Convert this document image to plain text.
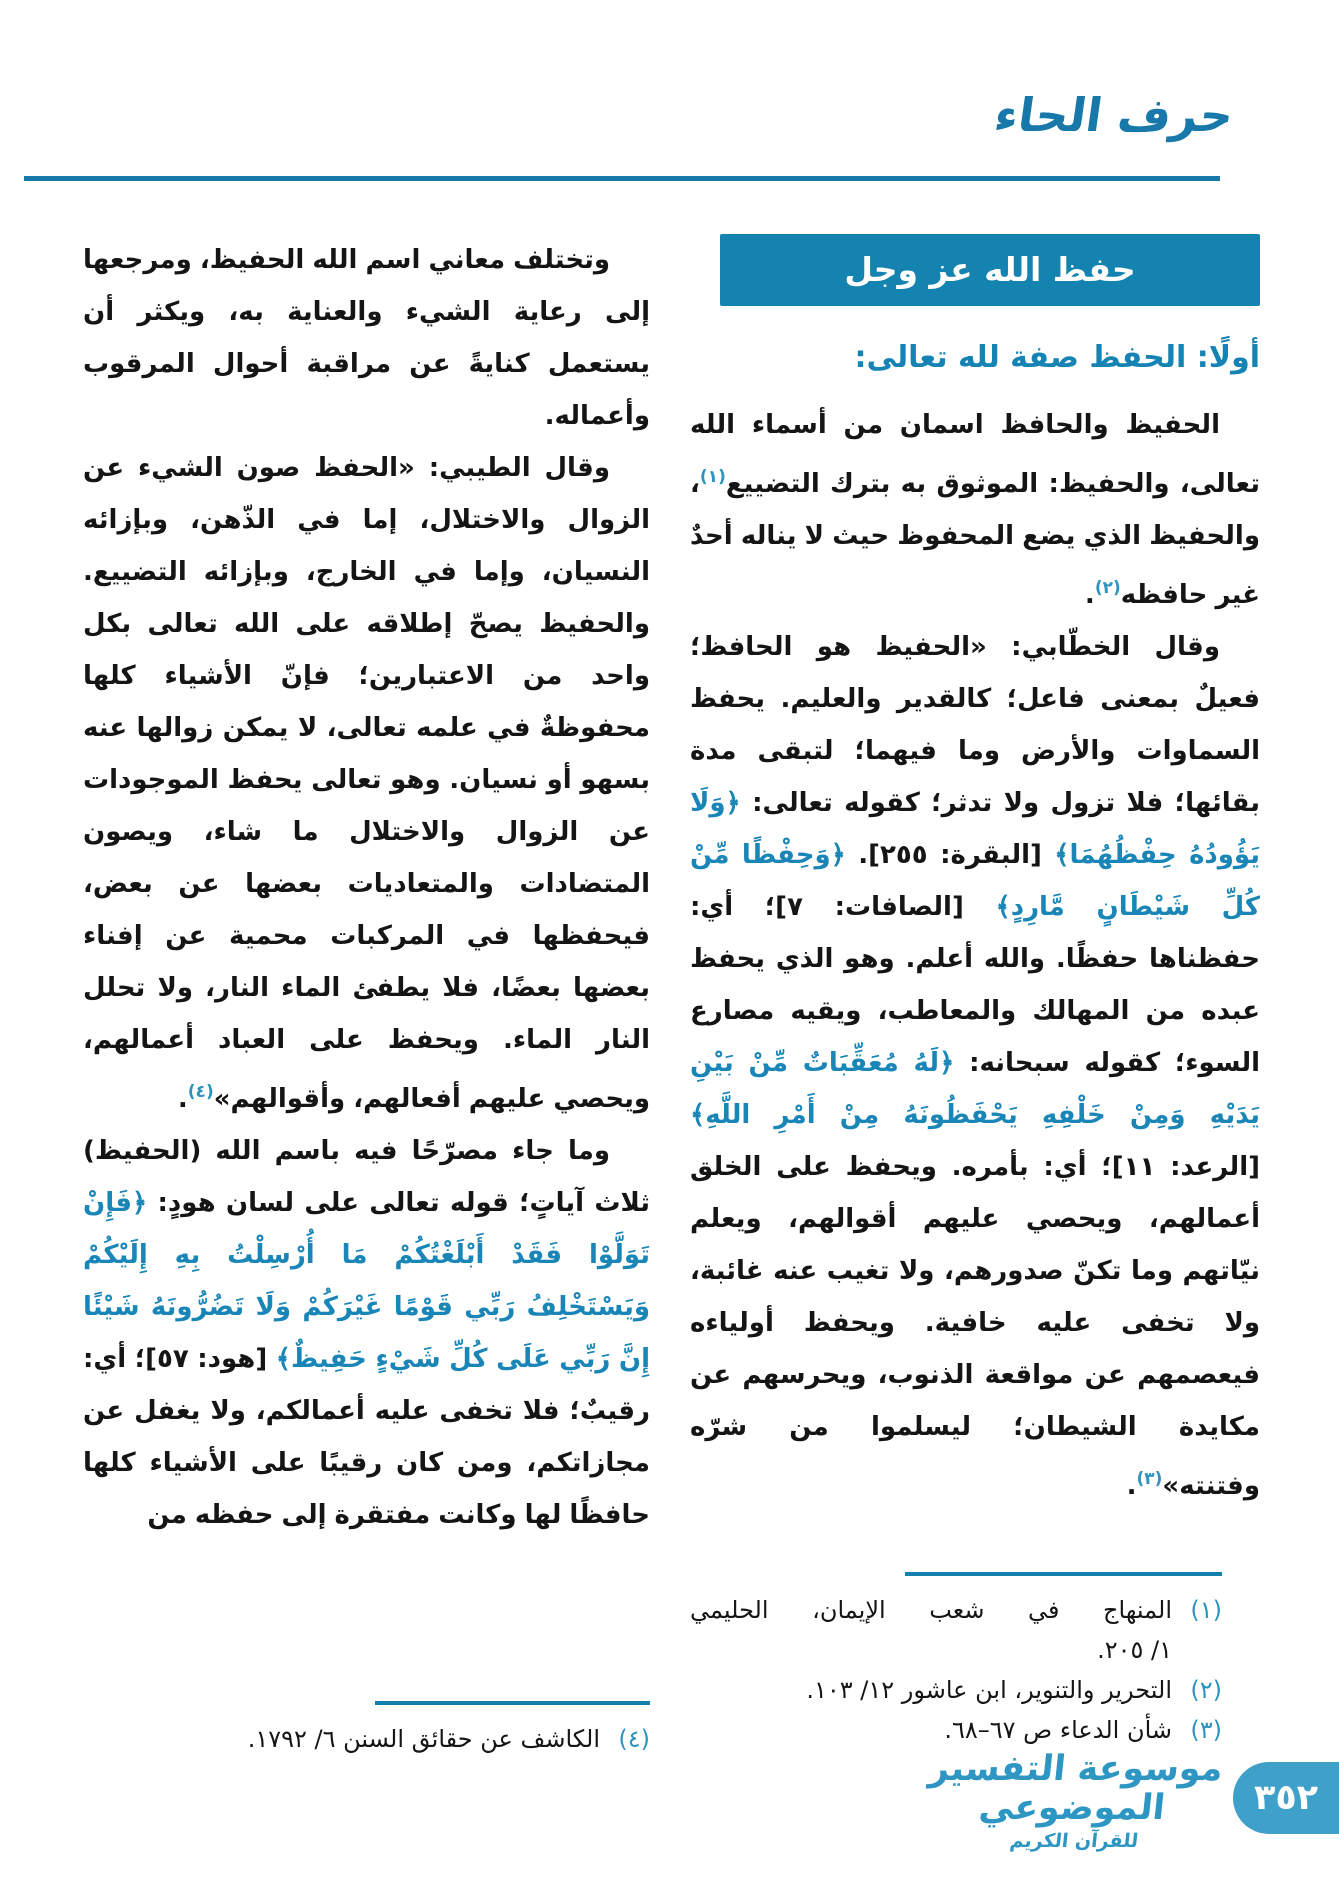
حرف الحاء
حفظ الله عز وجل
أولًا: الحفظ صفة لله تعالى:

الحفيظ والحافظ اسمان من أسماء الله تعالى، والحفيظ: الموثوق به بترك التضييع$^{(١)}$، والحفيظ الذي يضع المحفوظ حيث لا يناله أحدٌ غير حافظه$^{(٢)}$.

وقال الخطّابي: «الحفيظ هو الحافظ؛ فعيلٌ بمعنى فاعل؛ كالقدير والعليم. يحفظ السماوات والأرض وما فيهما؛ لتبقى مدة بقائها؛ فلا تزول ولا تدثر؛ كقوله تعالى: ﴿وَلَا يَؤُودُهُ حِفْظُهُمَا﴾ [البقرة: ٢٥٥]. ﴿وَحِفْظًا مِّنْ كُلِّ شَيْطَانٍ مَّارِدٍ﴾ [الصافات: ٧]؛ أي: حفظناها حفظًا. والله أعلم. وهو الذي يحفظ عبده من المهالك والمعاطب، ويقيه مصارع السوء؛ كقوله سبحانه: ﴿لَهُ مُعَقِّبَاتٌ مِّنْ بَيْنِ يَدَيْهِ وَمِنْ خَلْفِهِ يَحْفَظُونَهُ مِنْ أَمْرِ اللَّهِ﴾ [الرعد: ١١]؛ أي: بأمره. ويحفظ على الخلق أعمالهم، ويحصي عليهم أقوالهم، ويعلم نيّاتهم وما تكنّ صدورهم، ولا تغيب عنه غائبة، ولا تخفى عليه خافية. ويحفظ أولياءه فيعصمهم عن مواقعة الذنوب، ويحرسهم عن مكايدة الشيطان؛ ليسلموا من شرّه وفتنته»$^{(٣)}$.

(١)
المنهاج في شعب الإيمان، الحليمي
١/ ٢٠٥.
(٢)
التحرير والتنوير، ابن عاشور ١٢/ ١٠٣.
(٣)
شأن الدعاء ص ٦٧–٦٨.

وتختلف معاني اسم الله الحفيظ، ومرجعها إلى رعاية الشيء والعناية به، ويكثر أن يستعمل كنايةً عن مراقبة أحوال المرقوب وأعماله.

وقال الطيبي: «الحفظ صون الشيء عن الزوال والاختلال، إما في الذّهن، وبإزائه النسيان، وإما في الخارج، وبإزائه التضييع. والحفيظ يصحّ إطلاقه على الله تعالى بكل واحد من الاعتبارين؛ فإنّ الأشياء كلها محفوظةٌ في علمه تعالى، لا يمكن زوالها عنه بسهو أو نسيان. وهو تعالى يحفظ الموجودات عن الزوال والاختلال ما شاء، ويصون المتضادات والمتعاديات بعضها عن بعض، فيحفظها في المركبات محمية عن إفناء بعضها بعضًا، فلا يطفئ الماء النار، ولا تحلل النار الماء. ويحفظ على العباد أعمالهم، ويحصي عليهم أفعالهم، وأقوالهم»$^{(٤)}$.

وما جاء مصرّحًا فيه باسم الله (الحفيظ) ثلاث آياتٍ؛ قوله تعالى على لسان هودٍ: ﴿فَإِنْ تَوَلَّوْا فَقَدْ أَبْلَغْتُكُمْ مَا أُرْسِلْتُ بِهِ إِلَيْكُمْ وَيَسْتَخْلِفُ رَبِّي قَوْمًا غَيْرَكُمْ وَلَا تَضُرُّونَهُ شَيْئًا إِنَّ رَبِّي عَلَى كُلِّ شَيْءٍ حَفِيظٌ﴾ [هود: ٥٧]؛ أي: رقيبٌ؛ فلا تخفى عليه أعمالكم، ولا يغفل عن مجازاتكم، ومن كان رقيبًا على الأشياء كلها حافظًا لها وكانت مفتقرة إلى حفظه من

(٤)
الكاشف عن حقائق السنن ٦/ ١٧٩٢.
موسوعة التفسير الموضوعي
للقرآن الكريم
٣٥٢
